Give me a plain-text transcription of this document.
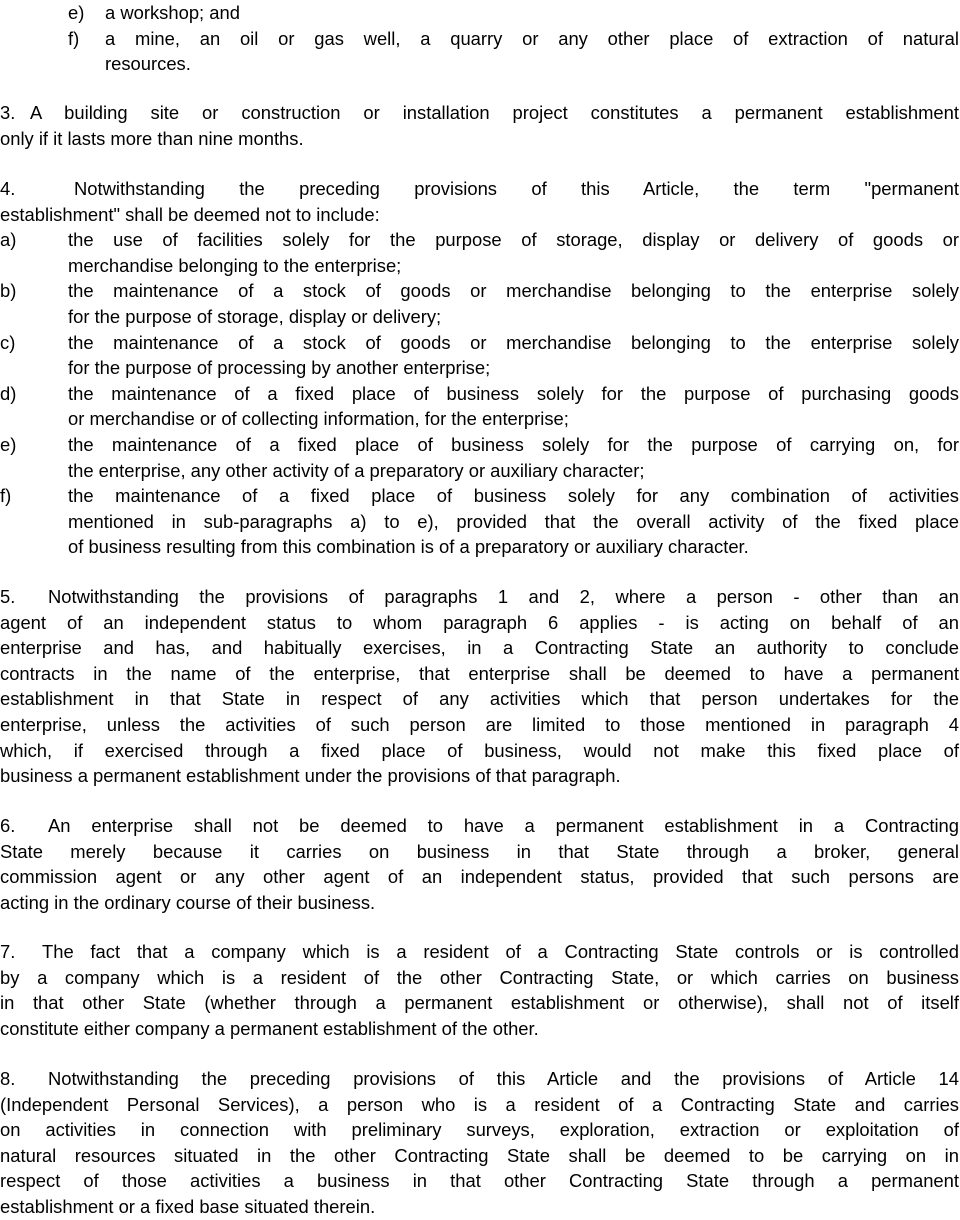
e) a workshop; and
f) a mine, an oil or gas well, a quarry or any other place of extraction of natural
resources.
3. A building site or construction or installation project constitutes a permanent establishment
only if it lasts more than nine months.
4.	Notwithstanding the preceding provisions of this Article, the term "permanent
establishment" shall be deemed not to include:
a)	the use of facilities solely for the purpose of storage, display or delivery of goods or
merchandise belonging to the enterprise;
b)	the maintenance of a stock of goods or merchandise belonging to the enterprise solely
for the purpose of storage, display or delivery;
c)	the maintenance of a stock of goods or merchandise belonging to the enterprise solely
for the purpose of processing by another enterprise;
d)	the maintenance of a fixed place of business solely for the purpose of purchasing goods
or merchandise or of collecting information, for the enterprise;
e)	the maintenance of a fixed place of business solely for the purpose of carrying on, for
the enterprise, any other activity of a preparatory or auxiliary character;
f)	the maintenance of a fixed place of business solely for any combination of activities
mentioned in sub-paragraphs a) to e), provided that the overall activity of the fixed place
of business resulting from this combination is of a preparatory or auxiliary character.
5. Notwithstanding the provisions of paragraphs 1 and 2, where a person - other than an
agent of an independent status to whom paragraph 6 applies - is acting on behalf of an
enterprise and has, and habitually exercises, in a Contracting State an authority to conclude
contracts in the name of the enterprise, that enterprise shall be deemed to have a permanent
establishment in that State in respect of any activities which that person undertakes for the
enterprise, unless the activities of such person are limited to those mentioned in paragraph 4
which, if exercised through a fixed place of business, would not make this fixed place of
business a permanent establishment under the provisions of that paragraph.
6. An enterprise shall not be deemed to have a permanent establishment in a Contracting
State merely because it carries on business in that State through a broker, general
commission agent or any other agent of an independent status, provided that such persons are
acting in the ordinary course of their business.
7. The fact that a company which is a resident of a Contracting State controls or is controlled
by a company which is a resident of the other Contracting State, or which carries on business
in that other State (whether through a permanent establishment or otherwise), shall not of itself
constitute either company a permanent establishment of the other.
8. Notwithstanding the preceding provisions of this Article and the provisions of Article 14
(Independent Personal Services), a person who is a resident of a Contracting State and carries
on activities in connection with preliminary surveys, exploration, extraction or exploitation of
natural resources situated in the other Contracting State shall be deemed to be carrying on in
respect of those activities a business in that other Contracting State through a permanent
establishment or a fixed base situated therein.
